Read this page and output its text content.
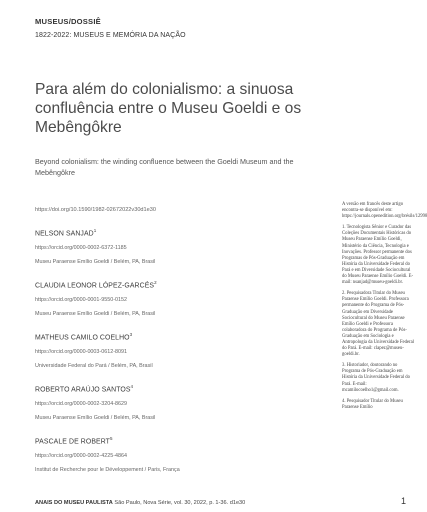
MUSEUS/DOSSIÊ
1822-2022: MUSEUS E MEMÓRIA DA NAÇÃO
Para além do colonialismo: a sinuosa confluência entre o Museu Goeldi e os Mebêngôkre

Beyond colonialism: the winding confluence between the Goeldi Museum and the Mebêngôkre

https://doi.org/10.1590/1982-02672022v30d1e30
NELSON SANJAD$^1$
https://orcid.org/0000-0002-6372-1185
Museu Paraense Emílio Goeldi / Belém, PA, Brasil
CLAUDIA LEONOR LÓPEZ-GARCÉS$^2$
https://orcid.org/0000-0001-9550-0152
Museu Paraense Emílio Goeldi / Belém, PA, Brasil
MATHEUS CAMILO COELHO$^3$
https://orcid.org/0000-0003-0612-8091
Universidade Federal do Pará / Belém, PA, Brasil
ROBERTO ARAÚJO SANTOS$^4$
https://orcid.org/0000-0002-3204-8629
Museu Paraense Emílio Goeldi / Belém, PA, Brasil
PASCALE DE ROBERT$^5$
https://orcid.org/0000-0002-4225-4864
Institut de Recherche pour le Développement / Paris, França

A versão em francês deste artigo encontra-se disponível em: https://journals.openedition.org/brésils/12998

1. Tecnologista Sênior e Curador das Coleções Documentais Históricas do Museu Paraense Emílio Goeldi, Ministério da Ciência, Tecnologia e Inovações. Professor permanente dos Programas de Pós-Graduação em História da Universidade Federal do Pará e em Diversidade Sociocultural do Museu Paraense Emílio Goeldi. E-mail: nsanjad@museu-goeldi.br.

2. Pesquisadora Titular do Museu Paraense Emílio Goeldi. Professora permanente do Programa de Pós-Graduação em Diversidade Sociocultural do Museu Paraense Emílio Goeldi e Professora colaboradora do Programa de Pós-Graduação em Sociologia e Antropologia da Universidade Federal do Pará. E-mail: clapez@museu-goeldi.br.

3. Historiador, doutorando no Programa de Pós-Graduação em História da Universidade Federal do Pará. E-mail: mcamilocoelho1@gmail.com.

4. Pesquisador Titular do Museu Paraense Emílio

ANAIS DO MUSEU PAULISTA São Paulo, Nova Série, vol. 30, 2022, p. 1-36. d1e30	1
